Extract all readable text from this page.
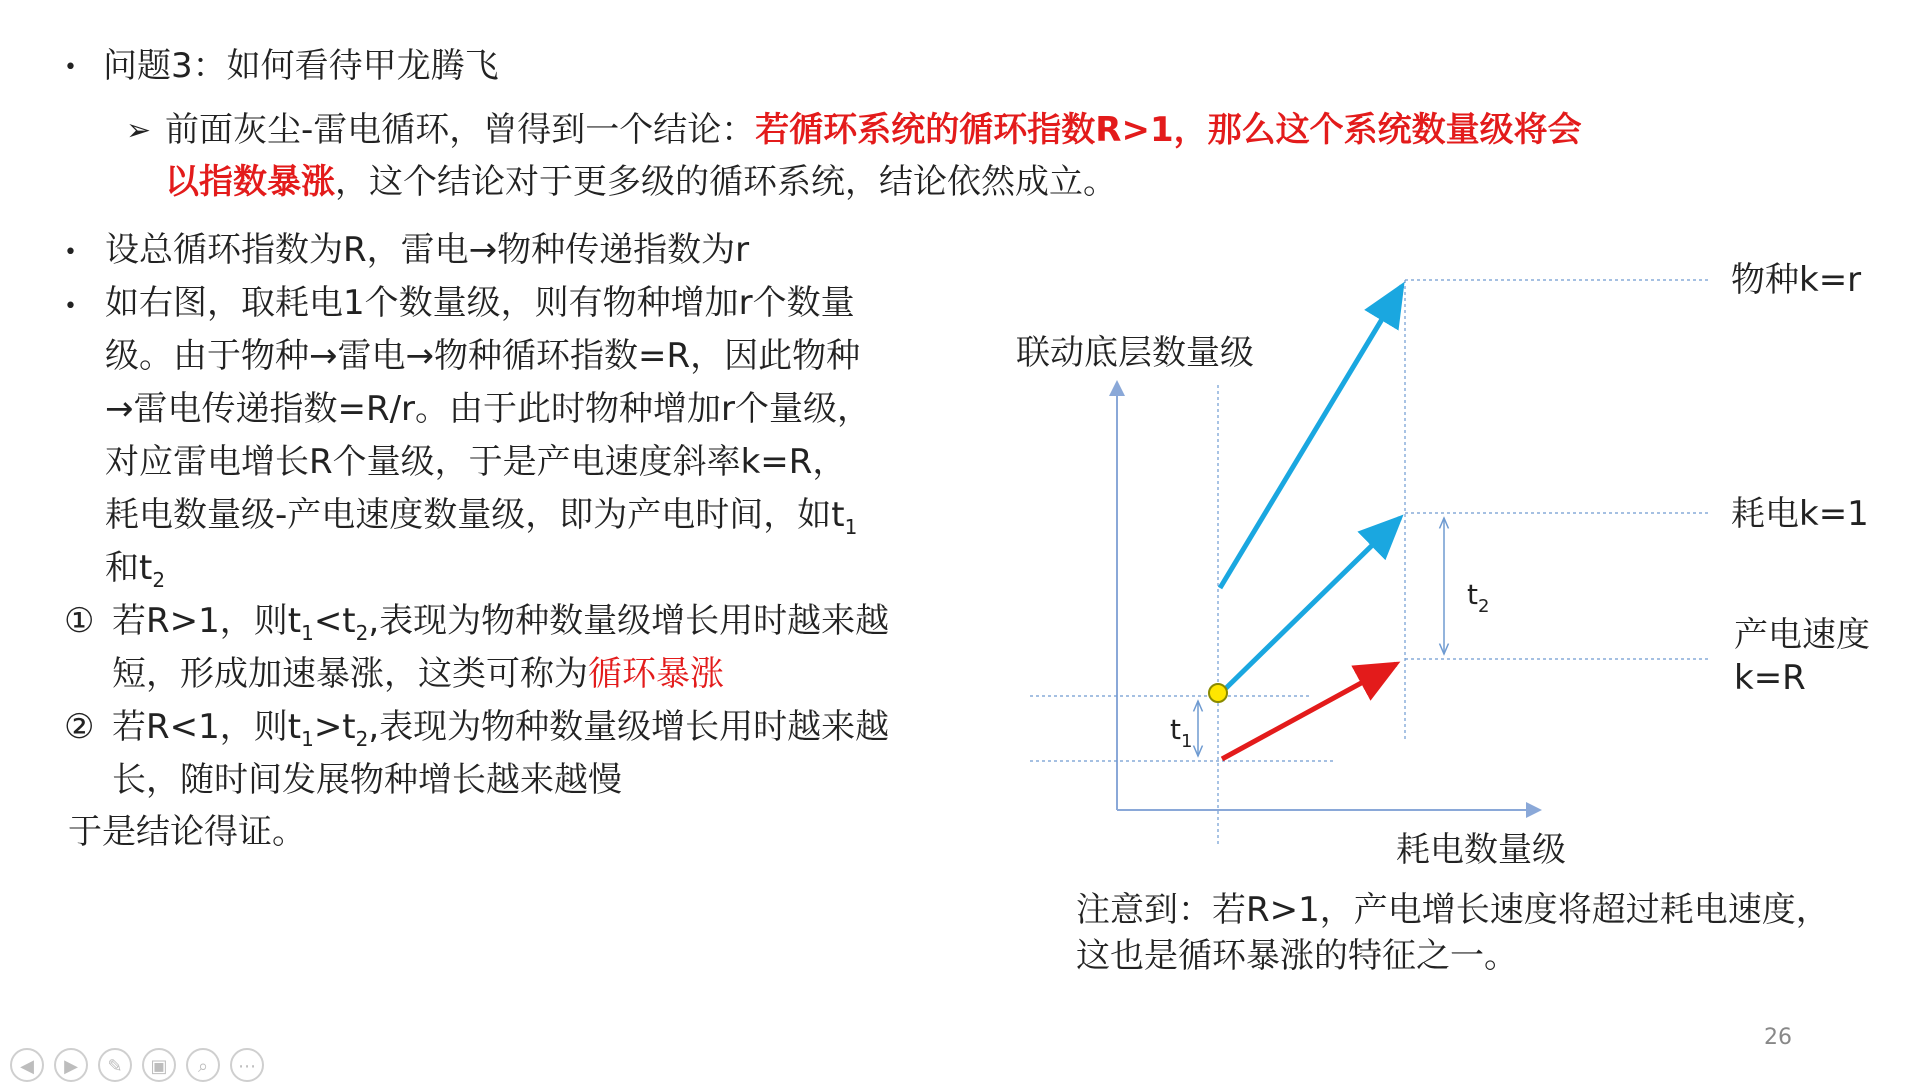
• 问题3：如何看待甲龙腾飞
➢ 前面灰尘-雷电循环，曾得到一个结论：若循环系统的循环指数R>1，那么这个系统数量级将会
以指数暴涨，这个结论对于更多级的循环系统，结论依然成立。
• 设总循环指数为R，雷电→物种传递指数为r
• 如右图，取耗电1个数量级，则有物种增加r个数量
级。由于物种→雷电→物种循环指数=R，因此物种
→雷电传递指数=R/r。由于此时物种增加r个量级，
对应雷电增长R个量级，于是产电速度斜率k=R，
耗电数量级-产电速度数量级，即为产电时间，如$t_1$
和$t_2$
① 若R>1，则$t_1<t_2$,表现为物种数量级增长用时越来越
短，形成加速暴涨，这类可称为循环暴涨
② 若R<1，则$t_1>t_2$,表现为物种数量级增长用时越来越
长，随时间发展物种增长越来越慢
于是结论得证。
联动底层数量级
耗电数量级
物种k=r
耗电k=1
产电速度
k=R
$t_1$
$t_2$
注意到：若R>1，产电增长速度将超过耗电速度，
这也是循环暴涨的特征之一。
26
◀	▶	✎	▣	⌕	⋯
